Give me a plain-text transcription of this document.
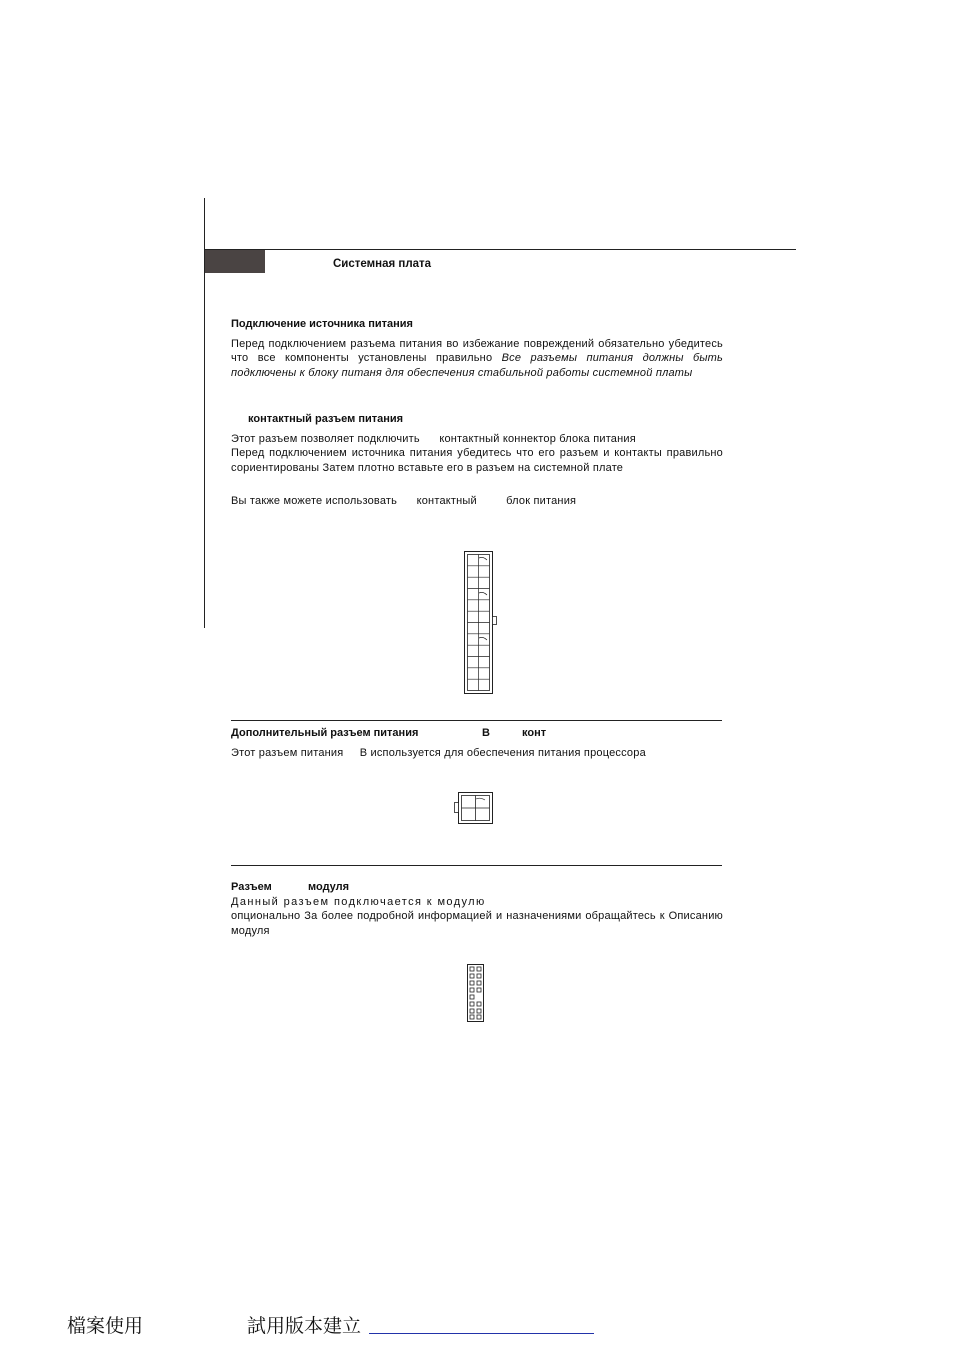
Системная плата
Подключение источника питания
Перед подключением разъема питания во избежание повреждений обязательно убедитесь что все компоненты установлены правильно Все разъемы питания должны быть подключены к блоку питаня для обеспечения стабильной работы системной платы
контактный разъем питания
Этот разъем позволяет подключить      контактный коннектор блока питания
Перед подключением источника питания убедитесь что его разъем и контакты правильно сориентированы Затем плотно вставьте его в разъем на системной плате
Вы также можете использовать      контактный         блок питания
Дополнительный разъем питания	В	конт
Этот разъем питания     В используется для обеспечения питания процессора
Разъем	модуля
Данный разъем подключается к модулю
опционально За более подробной информацией и назначениями обращайтесь к Описанию модуля
檔案使用	試用版本建立
